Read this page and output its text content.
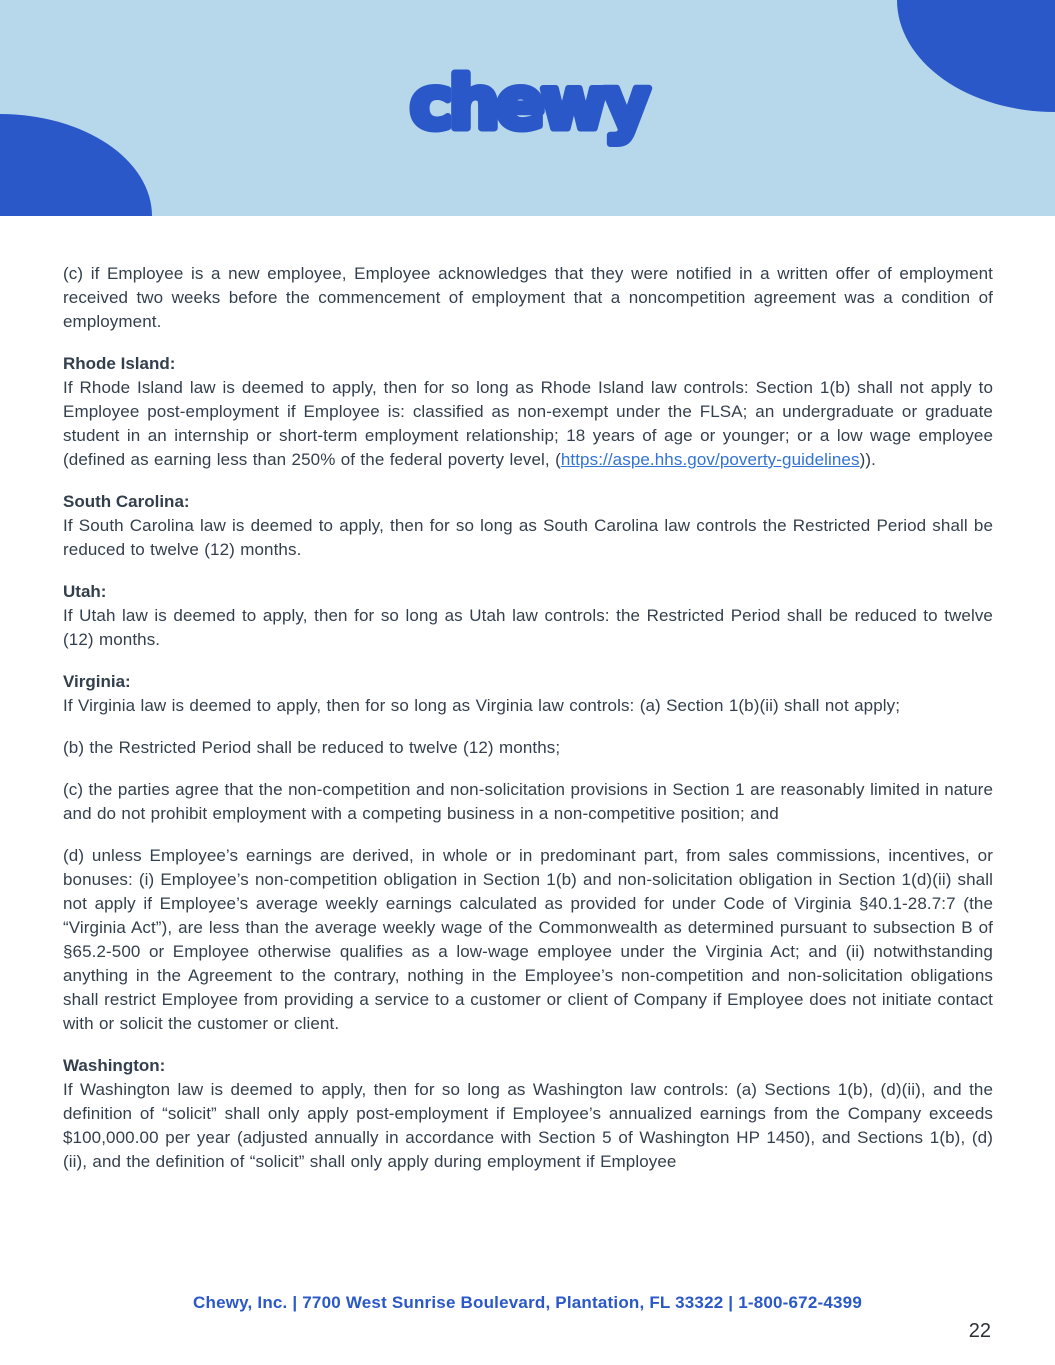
chewy

(c) if Employee is a new employee, Employee acknowledges that they were notified in a written offer of employment received two weeks before the commencement of employment that a noncompetition agreement was a condition of employment.

Rhode Island:

If Rhode Island law is deemed to apply, then for so long as Rhode Island law controls: Section 1(b) shall not apply to Employee post-employment if Employee is: classified as non-exempt under the FLSA; an undergraduate or graduate student in an internship or short-term employment relationship; 18 years of age or younger; or a low wage employee (defined as earning less than 250% of the federal poverty level, (https://aspe.hhs.gov/poverty-guidelines)).

South Carolina:

If South Carolina law is deemed to apply, then for so long as South Carolina law controls the Restricted Period shall be reduced to twelve (12) months.

Utah:

If Utah law is deemed to apply, then for so long as Utah law controls: the Restricted Period shall be reduced to twelve (12) months.

Virginia:

If Virginia law is deemed to apply, then for so long as Virginia law controls: (a) Section 1(b)(ii) shall not apply;

(b) the Restricted Period shall be reduced to twelve (12) months;

(c) the parties agree that the non-competition and non-solicitation provisions in Section 1 are reasonably limited in nature and do not prohibit employment with a competing business in a non-competitive position; and

(d) unless Employee’s earnings are derived, in whole or in predominant part, from sales commissions, incentives, or bonuses: (i) Employee’s non-competition obligation in Section 1(b) and non-solicitation obligation in Section 1(d)(ii) shall not apply if Employee’s average weekly earnings calculated as provided for under Code of Virginia §40.1-28.7:7 (the “Virginia Act”), are less than the average weekly wage of the Commonwealth as determined pursuant to subsection B of §65.2-500 or Employee otherwise qualifies as a low-wage employee under the Virginia Act; and (ii) notwithstanding anything in the Agreement to the contrary, nothing in the Employee’s non-competition and non-solicitation obligations shall restrict Employee from providing a service to a customer or client of Company if Employee does not initiate contact with or solicit the customer or client.

Washington:

If Washington law is deemed to apply, then for so long as Washington law controls: (a) Sections 1(b), (d)(ii), and the definition of “solicit” shall only apply post-employment if Employee’s annualized earnings from the Company exceeds $100,000.00 per year (adjusted annually in accordance with Section 5 of Washington HP 1450), and Sections 1(b), (d)(ii), and the definition of “solicit” shall only apply during employment if Employee

Chewy, Inc. | 7700 West Sunrise Boulevard, Plantation, FL 33322 | 1-800-672-4399
22
